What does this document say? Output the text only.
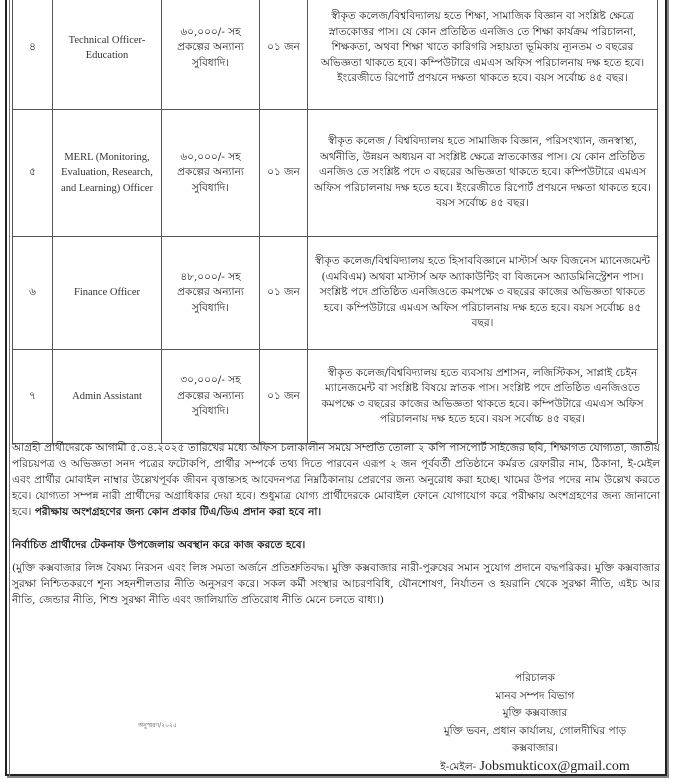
৪	Technical Officer-Education	৬০,০০০/- সহ প্রকল্পের অন্যান্য সুবিধাদি।	০১ জন	স্বীকৃত কলেজ/বিশ্ববিদ্যালয় হতে শিক্ষা, সামাজিক বিজ্ঞান বা সংশ্লিষ্ট ক্ষেত্রে স্নাতকোত্তর পাস। যে কোন প্রতিষ্ঠিত এনজিও তে শিক্ষা কার্যক্রম পরিচালনা, শিক্ষকতা, অথবা শিক্ষা খাতে কারিগরি সহায়তা ভূমিকায় ন্যূনতম ৩ বছরের অভিজ্ঞতা থাকতে হবে। কম্পিউটারে এমএস অফিস পরিচালনায় দক্ষ হতে হবে। ইংরেজীতে রিপোর্ট প্রণয়নে দক্ষতা থাকতে হবে। বয়স সর্বোচ্চ ৪৫ বছর।
৫	MERL (Monitoring, Evaluation, Research, and Learning) Officer	৬০,০০০/- সহ প্রকল্পের অন্যান্য সুবিধাদি।	০১ জন	স্বীকৃত কলেজ / বিশ্ববিদ্যালয় হতে সামাজিক বিজ্ঞান, পরিসংখ্যান, জনস্বাস্থ্য, অর্থনীতি, উন্নয়ন অধ্যয়ন বা সংশ্লিষ্ট ক্ষেত্রে স্নাতকোত্তর পাস। যে কোন প্রতিষ্ঠিত এনজিও তে সংশ্লিষ্ট পদে ৩ বছরের অভিজ্ঞতা থাকতে হবে। কম্পিউটারে এমএস অফিস পরিচালনায় দক্ষ হতে হবে। ইংরেজীতে রিপোর্ট প্রণয়নে দক্ষতা থাকতে হবে। বয়স সর্বোচ্চ ৪৫ বছর।
৬	Finance Officer	৪৮,০০০/- সহ প্রকল্পের অন্যান্য সুবিধাদি।	০১ জন	স্বীকৃত কলেজ/বিশ্ববিদ্যালয় হতে হিসাববিজ্ঞানে মাস্টার্স অফ বিজনেস ম্যানেজমেন্ট (এমবিএম) অথবা মাস্টার্স অফ অ্যাকাউন্টিং বা বিজনেস অ্যাডমিনিস্ট্রেশন পাস। সংশ্লিষ্ট পদে প্রতিষ্ঠিত এনজিওতে কমপক্ষে ৩ বছরের কাজের অভিজ্ঞতা থাকতে হবে। কম্পিউটারে এমএস অফিস পরিচালনায় দক্ষ হতে হবে। বয়স সর্বোচ্চ ৪৫ বছর।
৭	Admin Assistant	৩০,০০০/- সহ প্রকল্পের অন্যান্য সুবিধাদি।	০১ জন	স্বীকৃত কলেজ/বিশ্ববিদ্যালয় হতে ব্যবসায় প্রশাসন, লজিস্টিকস, সাপ্লাই চেইন ম্যানেজমেন্ট বা সংশ্লিষ্ট বিষয়ে স্নাতক পাস। সংশ্লিষ্ট পদে প্রতিষ্ঠিত এনজিওতে কমপক্ষে ৩ বছরের কাজের অভিজ্ঞতা থাকতে হবে। কম্পিউটারে এমএস অফিস পরিচালনায় দক্ষ হতে হবে। বয়স সর্বোচ্চ ৪৫ বছর।
আগ্রহী প্রার্থীদেরকে আগামী ৫.০৪.২০২৫ তারিখের মধ্যে অফিস চলাকালীন সময়ে সম্প্রতি তোলা ২ কপি পাসপোর্ট সাইজের ছবি, শিক্ষাগত যোগ্যতা, জাতীয় পরিচয়পত্র ও অভিজ্ঞতা সনদ পত্রের ফটোকপি, প্রার্থীর সম্পর্কে তথ্য দিতে পারবেন এরূপ ২ জন পূর্ববর্তী প্রতিষ্ঠানে কর্মরত রেফারীর নাম, ঠিকানা, ই-মেইল এবং প্রার্থীর মোবাইল নাম্বার উল্লেখপূর্বক জীবন বৃত্তান্তসহ আবেদনপত্র নিম্নঠিকানায় প্রেরণের জন্য অনুরোধ করা হচ্ছে। খামের উপর পদের নাম উল্লেখ করতে হবে। যোগ্যতা সম্পন্ন নারী প্রার্থীদের অগ্রাধিকার দেয়া হবে। শুধুমাত্র যোগ্য প্রার্থীদেরকে মোবাইল ফোনে যোগাযোগ করে পরীক্ষায় অংশগ্রহণের জন্য জানানো হবে। পরীক্ষায় অংশগ্রহণের জন্য কোন প্রকার টিএ/ডিএ প্রদান করা হবে না।
নির্বাচিত প্রার্থীদের টেকনাফ উপজেলায় অবস্থান করে কাজ করতে হবে।
(মুক্তি কক্সবাজার লিঙ্গ বৈষম্য নিরসন এবং লিঙ্গ সমতা অর্জনে প্রতিশ্রুতিবদ্ধ। মুক্তি কক্সবাজার নারী-পুরুষের সমান সুযোগ প্রদানে বদ্ধপরিকর। মুক্তি কক্সবাজার সুরক্ষা নিশ্চিতকরণে শূন্য সহনশীলতার নীতি অনুসরণ করে। সকল কর্মী সংস্থার আচরণবিধি, যৌনশোষণ, নির্যাতন ও হয়রানি থেকে সুরক্ষা নীতি, এইচ আর নীতি, জেন্ডার নীতি, শিশু সুরক্ষা নীতি এবং জালিয়াতি প্রতিরোধ নীতি মেনে চলতে বাধ্য।)
পরিচালক
মানব সম্পদ বিভাগ
মুক্তি কক্সবাজার
মুক্তি ভবন, প্রধান কার্যালয়, গোলদীঘির পাড়
কক্সবাজার।
ই-মেইল- Jobsmukticox@gmail.com
অনুস্মরণ/২০২৫
